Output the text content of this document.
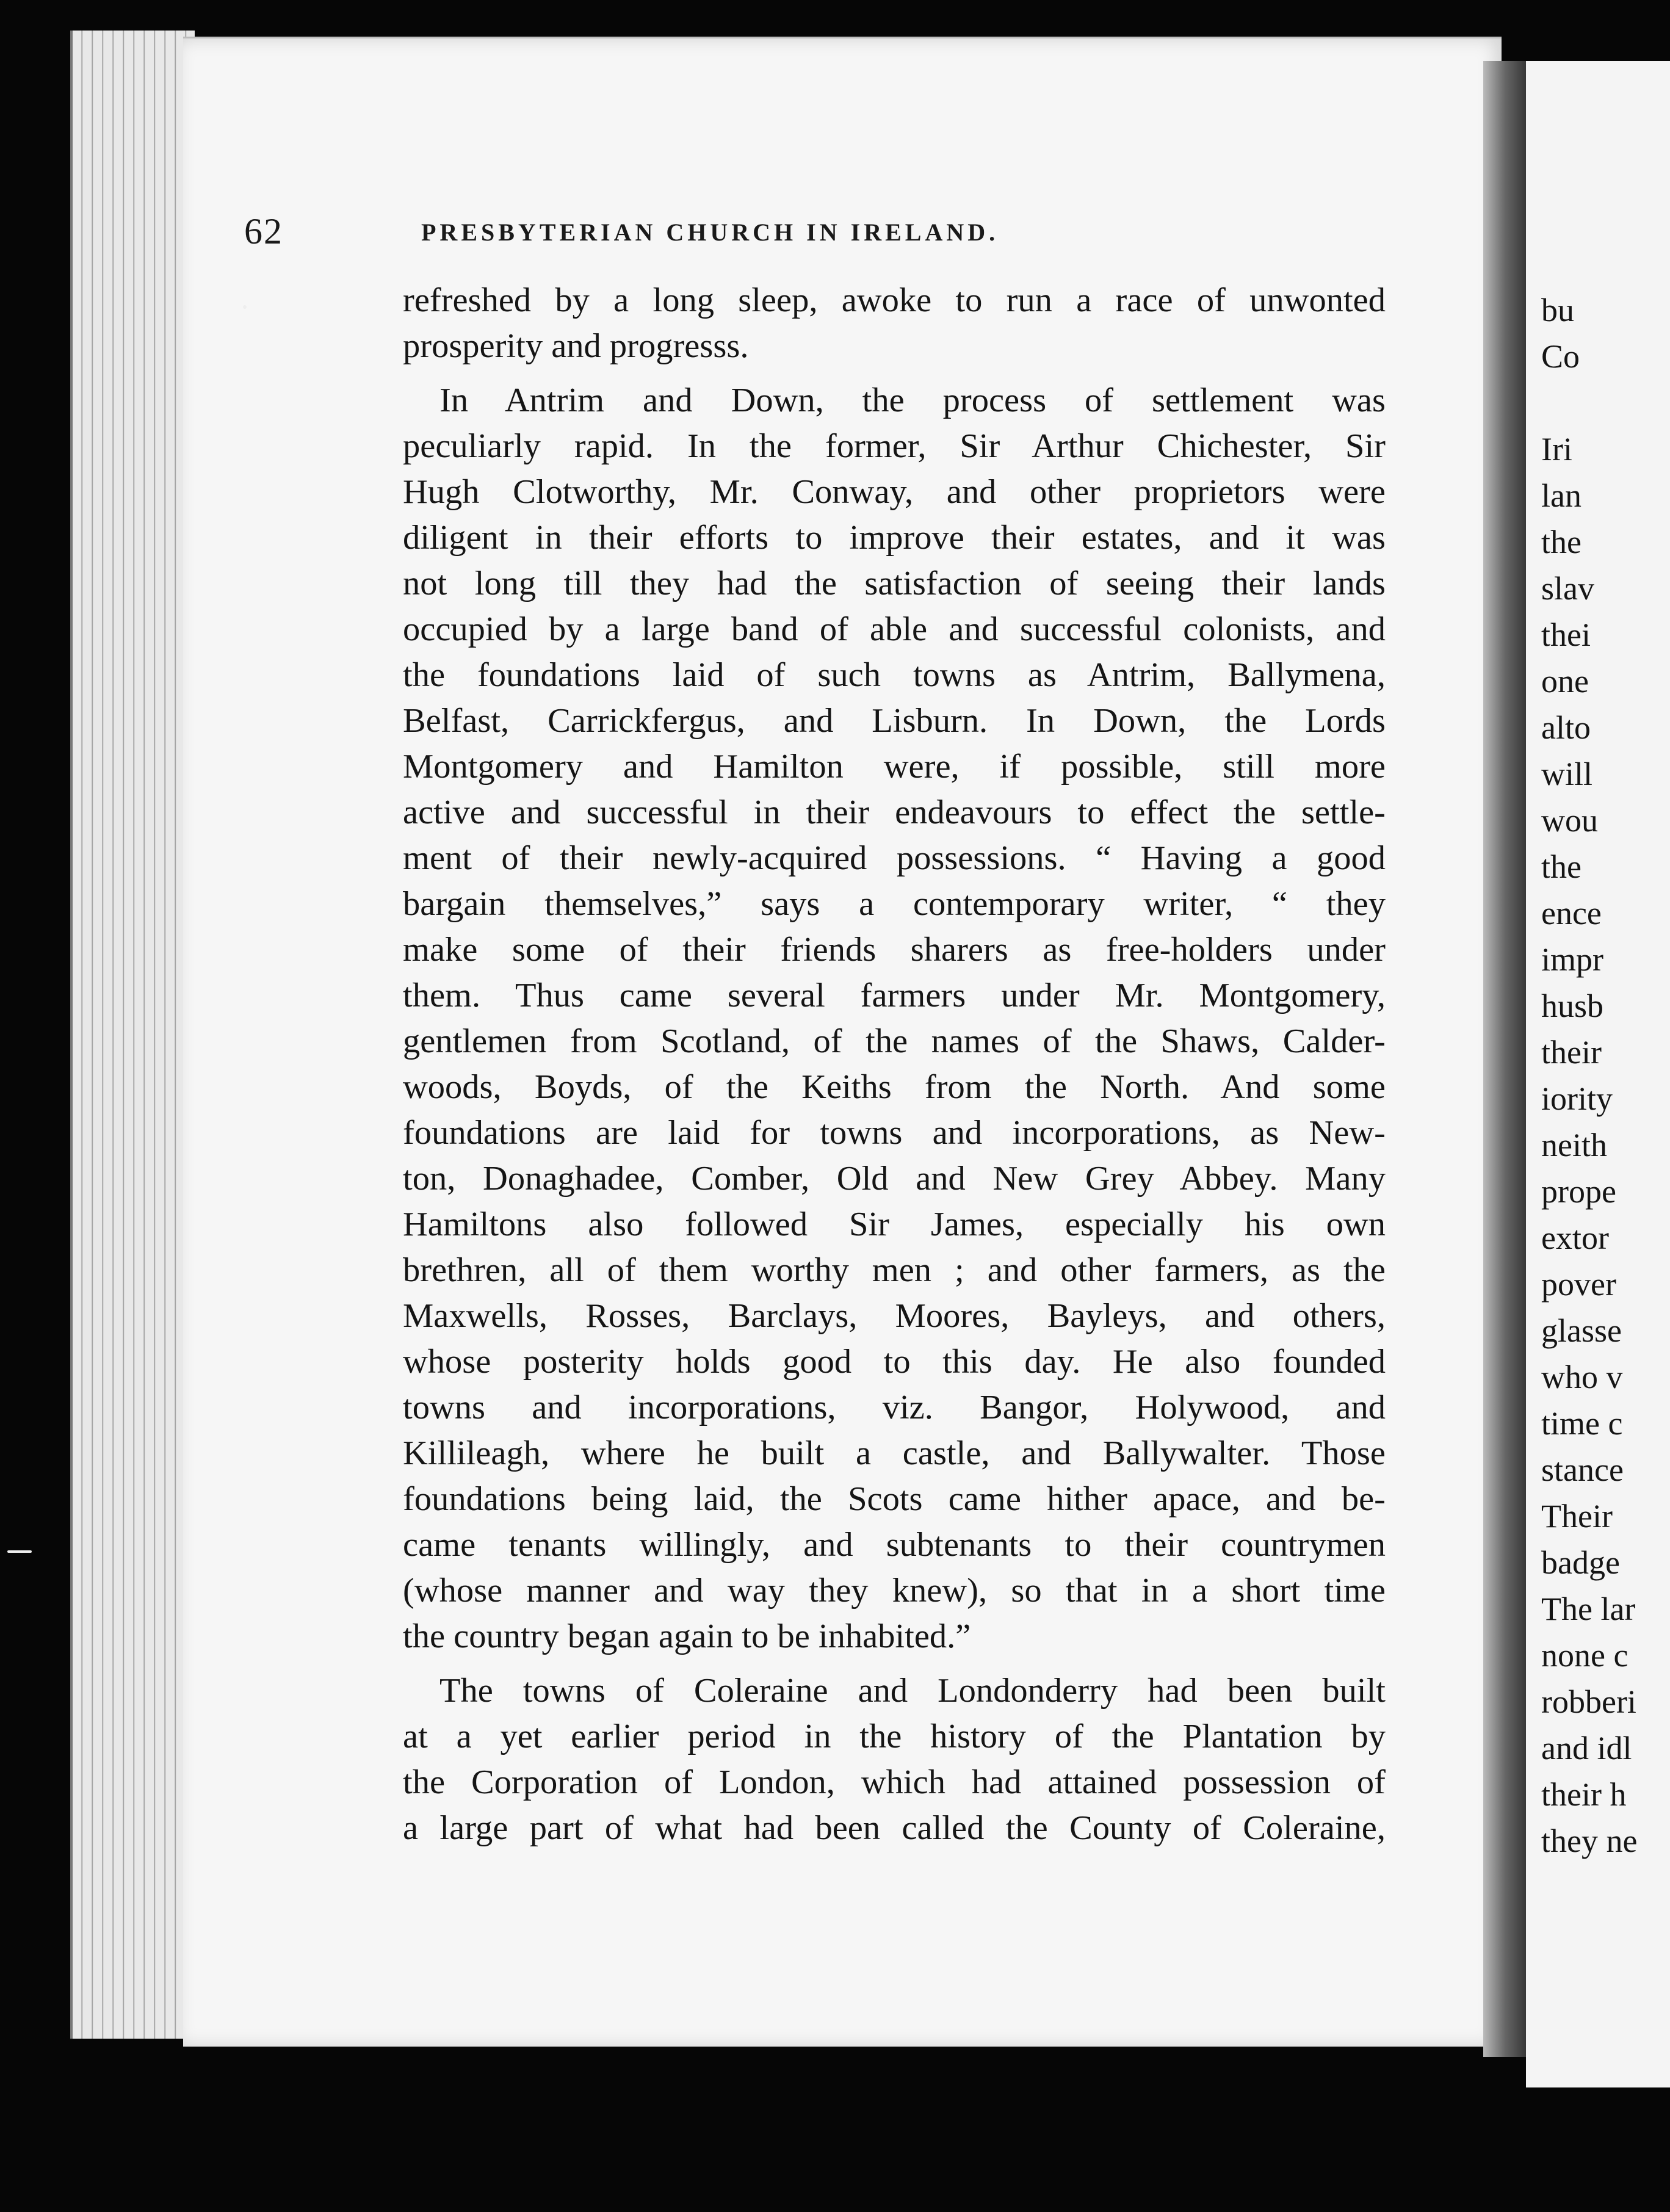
62	PRESBYTERIAN CHURCH IN IRELAND.
refreshed by a long sleep, awoke to run a race of unwonted
prosperity and progresss.
In Antrim and Down, the process of settlement was
peculiarly rapid. In the former, Sir Arthur Chichester, Sir
Hugh Clotworthy, Mr. Conway, and other proprietors were
diligent in their efforts to improve their estates, and it was
not long till they had the satisfaction of seeing their lands
occupied by a large band of able and successful colonists, and
the foundations laid of such towns as Antrim, Ballymena,
Belfast, Carrickfergus, and Lisburn. In Down, the Lords
Montgomery and Hamilton were, if possible, still more
active and successful in their endeavours to effect the settle-
ment of their newly-acquired possessions. “ Having a good
bargain themselves,” says a contemporary writer, “ they
make some of their friends sharers as free-holders under
them. Thus came several farmers under Mr. Montgomery,
gentlemen from Scotland, of the names of the Shaws, Calder-
woods, Boyds, of the Keiths from the North. And some
foundations are laid for towns and incorporations, as New-
ton, Donaghadee, Comber, Old and New Grey Abbey. Many
Hamiltons also followed Sir James, especially his own
brethren, all of them worthy men ; and other farmers, as the
Maxwells, Rosses, Barclays, Moores, Bayleys, and others,
whose posterity holds good to this day. He also founded
towns and incorporations, viz. Bangor, Holywood, and
Killileagh, where he built a castle, and Ballywalter. Those
foundations being laid, the Scots came hither apace, and be-
came tenants willingly, and subtenants to their countrymen
(whose manner and way they knew), so that in a short time
the country began again to be inhabited.”
The towns of Coleraine and Londonderry had been built
at a yet earlier period in the history of the Plantation by
the Corporation of London, which had attained possession of
a large part of what had been called the County of Coleraine,
bu
Co
Iri
lan
the
slav
thei
one
alto
will
wou
the
ence
impr
husb
their
iority
neith
prope
extor
pover
glasse
who v
time c
stance
Their
badge
The lar
none c
robberi
and idl
their h
they ne
